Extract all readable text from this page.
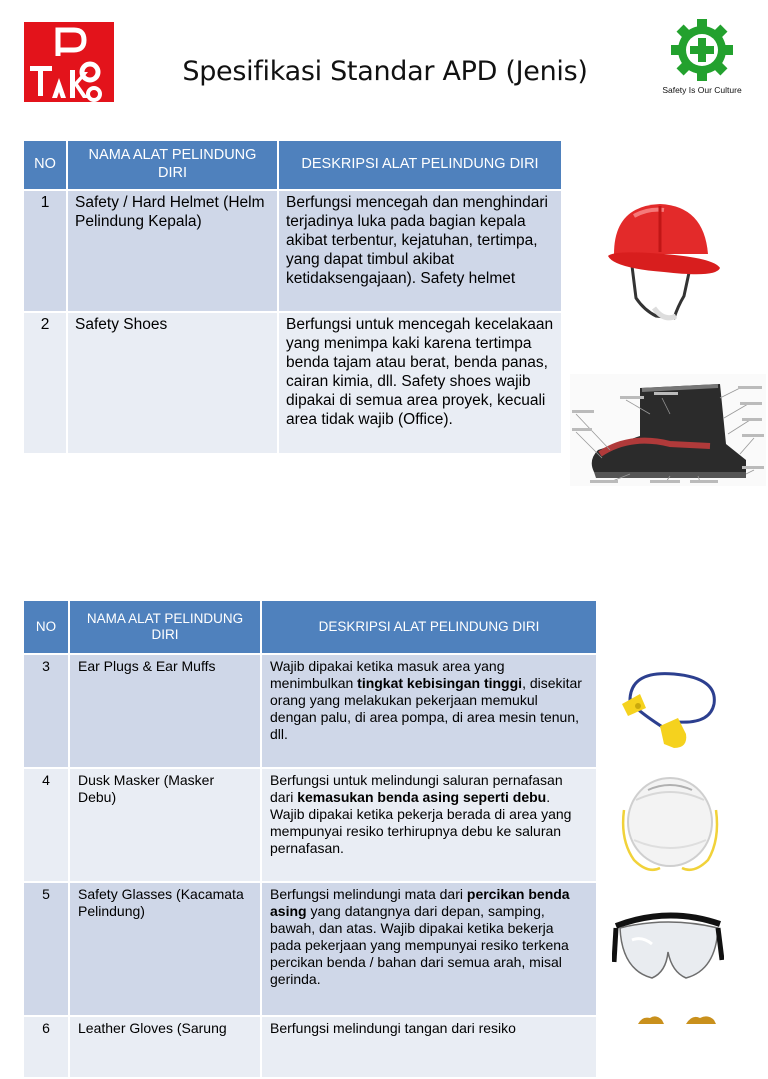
Spesifikasi Standar APD (Jenis)
Safety Is Our Culture
NO	NAMA ALAT PELINDUNG DIRI	DESKRIPSI ALAT PELINDUNG DIRI
1	Safety / Hard Helmet (Helm Pelindung Kepala)	Berfungsi mencegah dan menghindari terjadinya luka pada bagian kepala akibat terbentur, kejatuhan, tertimpa, yang dapat timbul akibat ketidaksengajaan). Safety helmet
2	Safety Shoes	Berfungsi untuk mencegah kecelakaan yang menimpa kaki karena tertimpa benda tajam atau berat, benda panas, cairan kimia, dll. Safety shoes wajib dipakai di semua area proyek, kecuali area tidak wajib (Office).
NO	NAMA ALAT PELINDUNG DIRI	DESKRIPSI ALAT PELINDUNG DIRI
3	Ear Plugs & Ear Muffs	Wajib dipakai ketika masuk area yang menimbulkan tingkat kebisingan tinggi, disekitar orang yang melakukan pekerjaan memukul dengan palu, di area pompa, di area mesin tenun, dll.
4	Dusk Masker (Masker Debu)	Berfungsi untuk melindungi saluran pernafasan dari kemasukan benda asing seperti debu. Wajib dipakai ketika pekerja berada di area yang mempunyai resiko terhirupnya debu ke saluran pernafasan.
5	Safety Glasses (Kacamata Pelindung)	Berfungsi melindungi mata dari percikan benda asing yang datangnya dari depan, samping, bawah, dan atas. Wajib dipakai ketika bekerja pada pekerjaan yang mempunyai resiko terkena percikan benda / bahan dari semua arah, misal gerinda.
6	Leather Gloves (Sarung	Berfungsi melindungi tangan dari resiko
